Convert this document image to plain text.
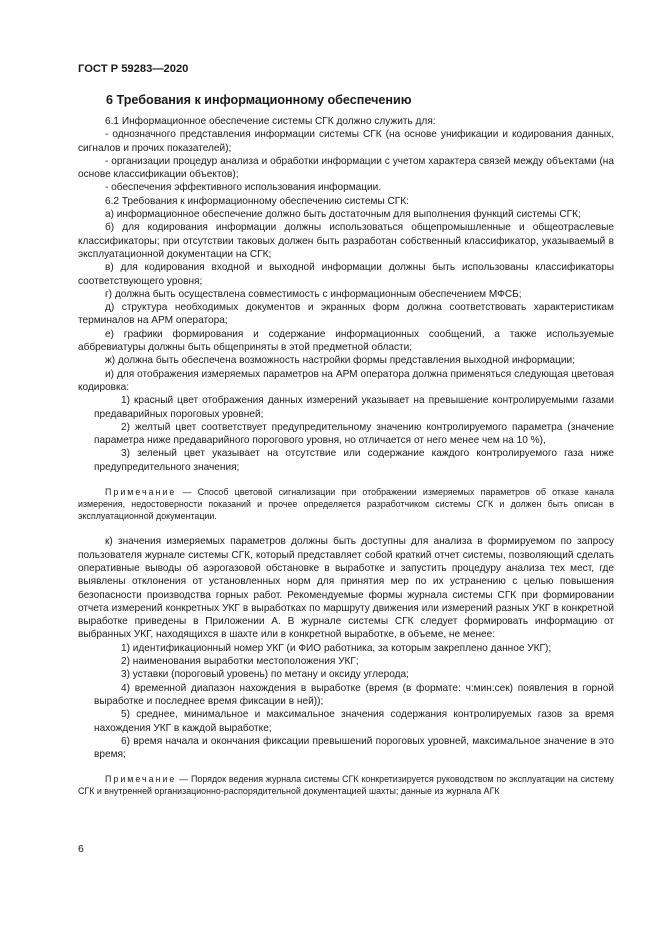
ГОСТ Р 59283—2020
6 Требования к информационному обеспечению

6.1 Информационное обеспечение системы СГК должно служить для:

- однозначного представления информации системы СГК (на основе унификации и кодирования данных, сигналов и прочих показателей);

- организации процедур анализа и обработки информации с учетом характера связей между объектами (на основе классификации объектов);

- обеспечения эффективного использования информации.

6.2 Требования к информационному обеспечению системы СГК:

а) информационное обеспечение должно быть достаточным для выполнения функций системы СГК;

б) для кодирования информации должны использоваться общепромышленные и общеотраслевые классификаторы; при отсутствии таковых должен быть разработан собственный классификатор, указываемый в эксплуатационной документации на СГК;

в) для кодирования входной и выходной информации должны быть использованы классификаторы соответствующего уровня;

г) должна быть осуществлена совместимость с информационным обеспечением МФСБ;

д) структура необходимых документов и экранных форм должна соответствовать характеристикам терминалов на АРМ оператора;

е) графики формирования и содержание информационных сообщений, а также используемые аббревиатуры должны быть общеприняты в этой предметной области;

ж) должна быть обеспечена возможность настройки формы представления выходной информации;

и) для отображения измеряемых параметров на АРМ оператора должна применяться следующая цветовая кодировка:

1) красный цвет отображения данных измерений указывает на превышение контролируемыми газами предаварийных пороговых уровней;

2) желтый цвет соответствует предупредительному значению контролируемого параметра (значение параметра ниже предаварийного порогового уровня, но отличается от него менее чем на 10 %),

3) зеленый цвет указывает на отсутствие или содержание каждого контролируемого газа ниже предупредительного значения;

Примечание — Способ цветовой сигнализации при отображении измеряемых параметров об отказе канала измерения, недостоверности показаний и прочее определяется разработчиком системы СГК и должен быть описан в эксплуатационной документации.

к) значения измеряемых параметров должны быть доступны для анализа в формируемом по запросу пользователя журнале системы СГК, который представляет собой краткий отчет системы, позволяющий сделать оперативные выводы об аэрогазовой обстановке в выработке и запустить процедуру анализа тех мест, где выявлены отклонения от установленных норм для принятия мер по их устранению с целью повышения безопасности производства горных работ. Рекомендуемые формы журнала системы СГК при формировании отчета измерений конкретных УКГ в выработках по маршруту движения или измерений разных УКГ в конкретной выработке приведены в Приложении А. В журнале системы СГК следует формировать информацию от выбранных УКГ, находящихся в шахте или в конкретной выработке, в объеме, не менее:

1) идентификационный номер УКГ (и ФИО работника, за которым закреплено данное УКГ);

2) наименования выработки местоположения УКГ;

3) уставки (пороговый уровень) по метану и оксиду углерода;

4) временной диапазон нахождения в выработке (время (в формате: ч:мин:сек) появления в горной выработке и последнее время фиксации в ней));

5) среднее, минимальное и максимальное значения содержания контролируемых газов за время нахождения УКГ в каждой выработке;

6) время начала и окончания фиксации превышений пороговых уровней, максимальное значение в это время;

Примечание — Порядок ведения журнала системы СГК конкретизируется руководством по эксплуатации на систему СГК и внутренней организационно-распорядительной документацией шахты; данные из журнала АГК

6
